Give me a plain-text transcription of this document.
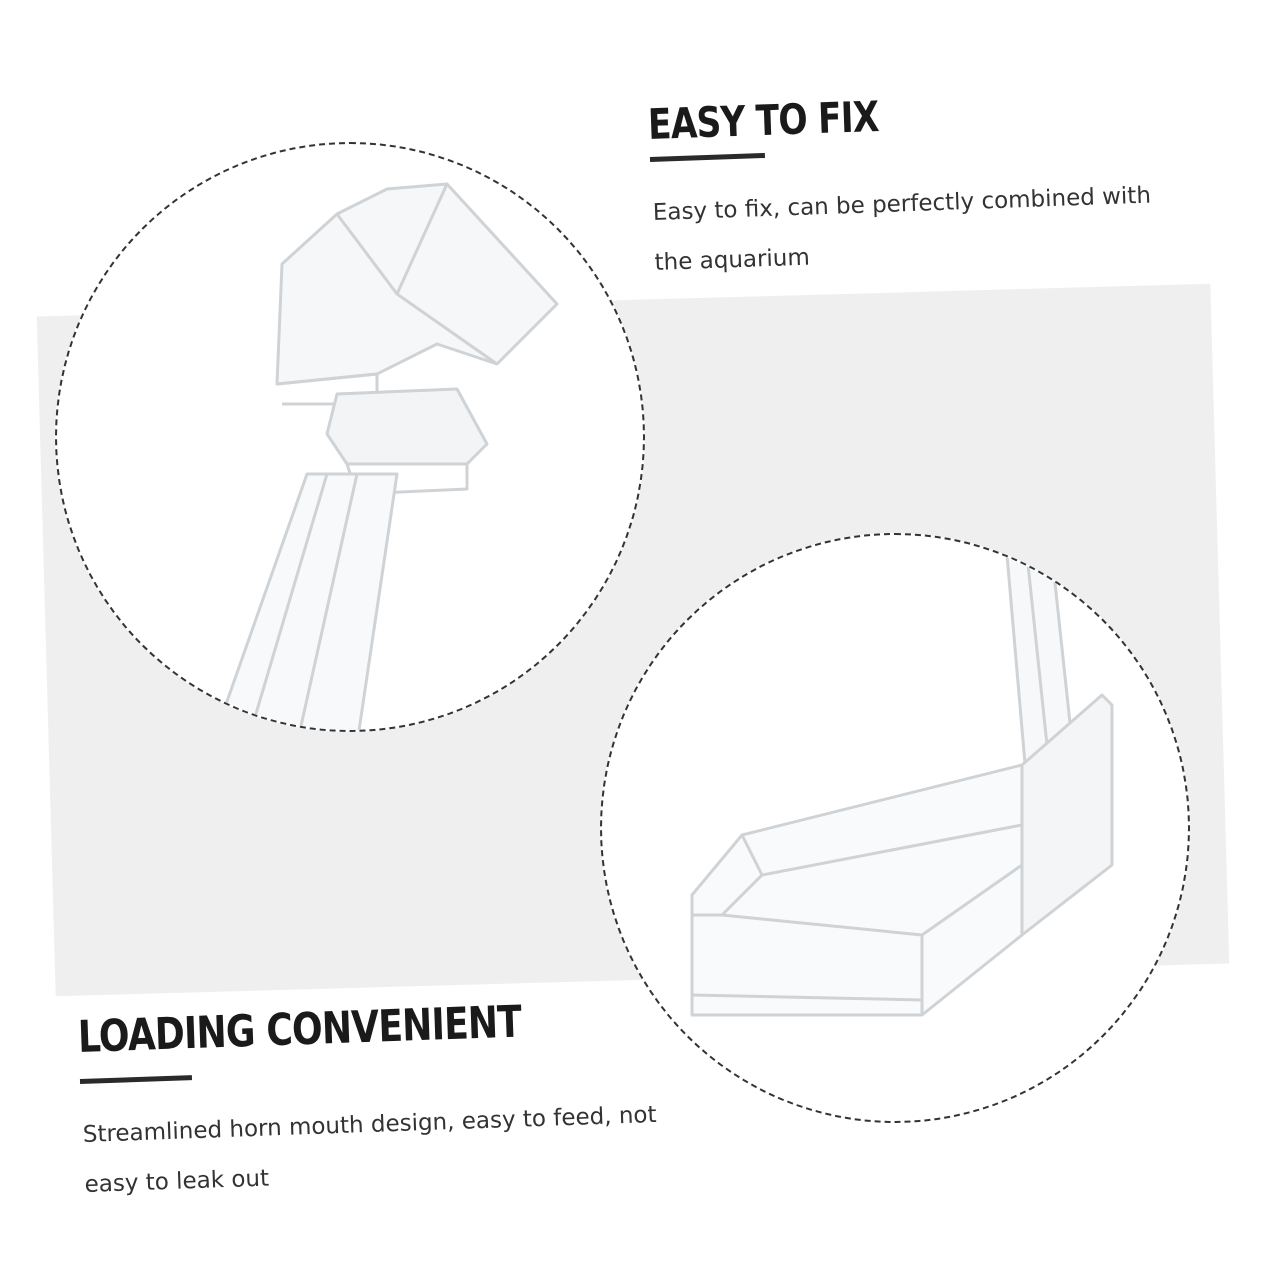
EASY TO FIX

Easy to fix, can be perfectly combined with the aquarium

LOADING CONVENIENT

Streamlined horn mouth design, easy to feed, not easy to leak out
